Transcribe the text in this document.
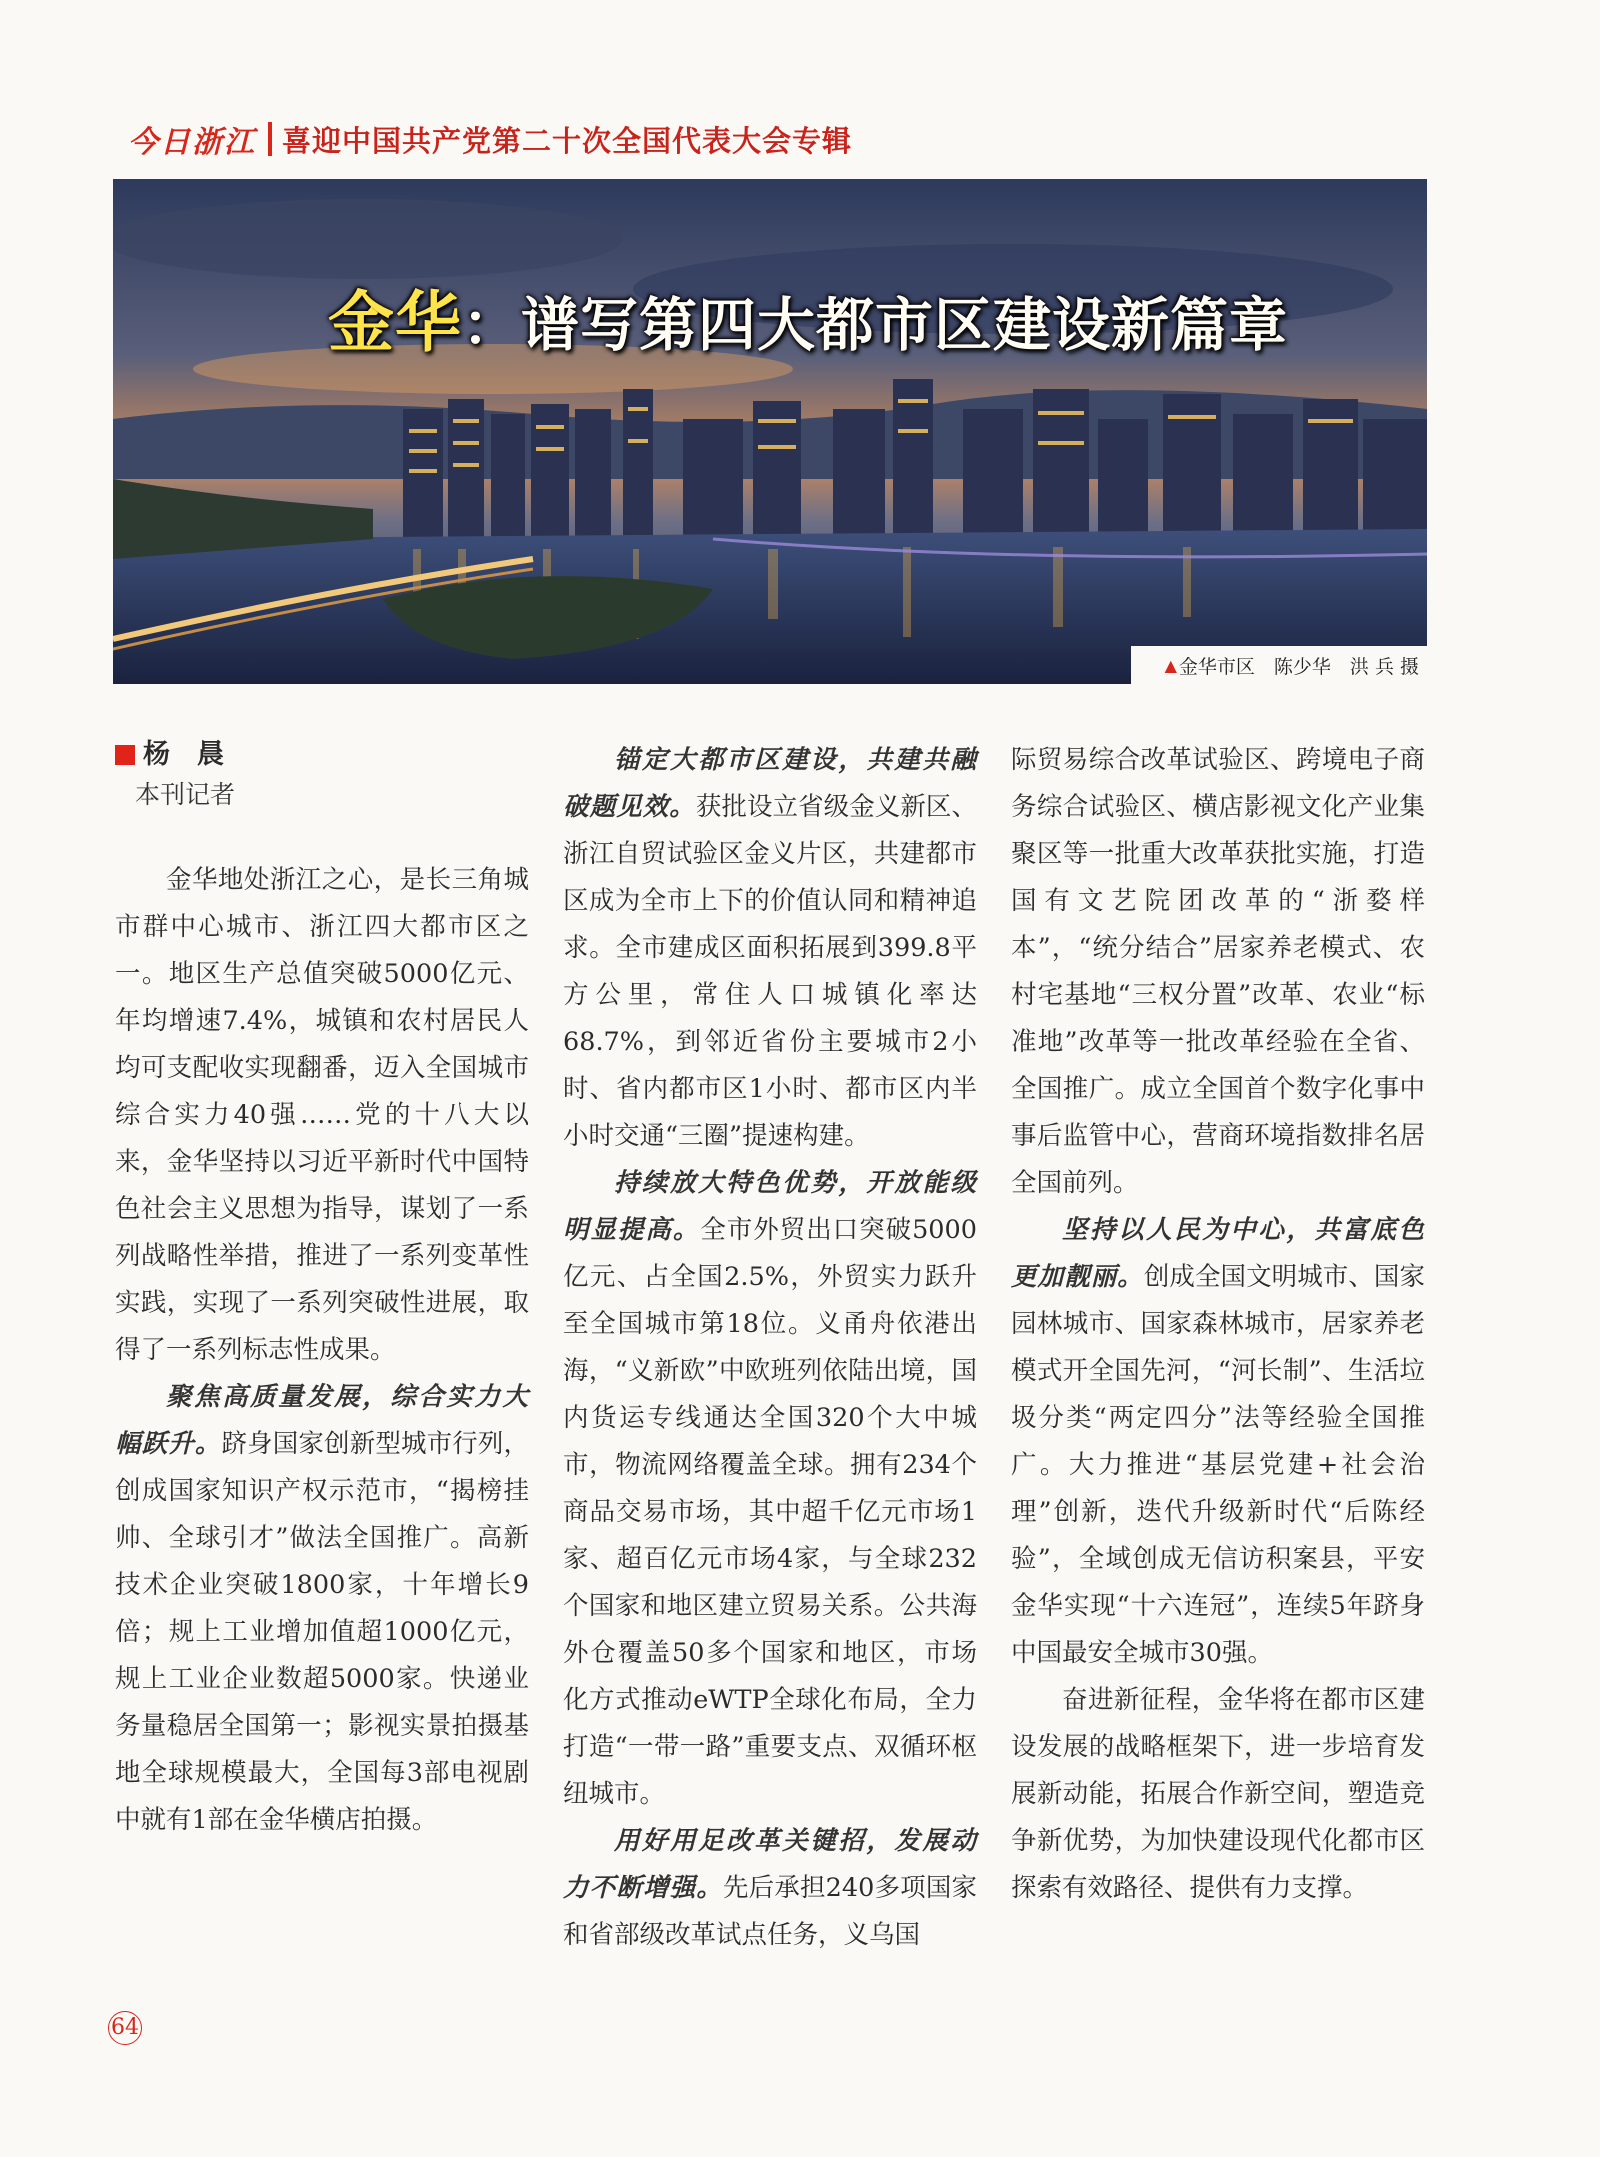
今日浙江 喜迎中国共产党第二十次全国代表大会专辑
金华：谱写第四大都市区建设新篇章
▲ 金华市区　陈少华　洪 兵 摄
杨　晨
本刊记者

金华地处浙江之心，是长三角城市群中心城市、浙江四大都市区之一。地区生产总值突破5000亿元、年均增速7.4%，城镇和农村居民人均可支配收实现翻番，迈入全国城市综合实力40强……党的十八大以来，金华坚持以习近平新时代中国特色社会主义思想为指导，谋划了一系列战略性举措，推进了一系列变革性实践，实现了一系列突破性进展，取得了一系列标志性成果。

聚焦高质量发展，综合实力大幅跃升。跻身国家创新型城市行列，创成国家知识产权示范市，“揭榜挂帅、全球引才”做法全国推广。高新技术企业突破1800家，十年增长9倍；规上工业增加值超1000亿元，规上工业企业数超5000家。快递业务量稳居全国第一；影视实景拍摄基地全球规模最大，全国每3部电视剧中就有1部在金华横店拍摄。

锚定大都市区建设，共建共融破题见效。获批设立省级金义新区、浙江自贸试验区金义片区，共建都市区成为全市上下的价值认同和精神追求。全市建成区面积拓展到399.8平方公里，常住人口城镇化率达68.7%，到邻近省份主要城市2小时、省内都市区1小时、都市区内半小时交通“三圈”提速构建。

持续放大特色优势，开放能级明显提高。全市外贸出口突破5000亿元、占全国2.5%，外贸实力跃升至全国城市第18位。义甬舟依港出海，“义新欧”中欧班列依陆出境，国内货运专线通达全国320个大中城市，物流网络覆盖全球。拥有234个商品交易市场，其中超千亿元市场1家、超百亿元市场4家，与全球232个国家和地区建立贸易关系。公共海外仓覆盖50多个国家和地区，市场化方式推动eWTP全球化布局，全力打造“一带一路”重要支点、双循环枢纽城市。

用好用足改革关键招，发展动力不断增强。先后承担240多项国家和省部级改革试点任务，义乌国

际贸易综合改革试验区、跨境电子商务综合试验区、横店影视文化产业集聚区等一批重大改革获批实施，打造国有文艺院团改革的“浙婺样本”，“统分结合”居家养老模式、农村宅基地“三权分置”改革、农业“标准地”改革等一批改革经验在全省、全国推广。成立全国首个数字化事中事后监管中心，营商环境指数排名居全国前列。

坚持以人民为中心，共富底色更加靓丽。创成全国文明城市、国家园林城市、国家森林城市，居家养老模式开全国先河，“河长制”、生活垃圾分类“两定四分”法等经验全国推广。大力推进“基层党建+社会治理”创新，迭代升级新时代“后陈经验”，全域创成无信访积案县，平安金华实现“十六连冠”，连续5年跻身中国最安全城市30强。

奋进新征程，金华将在都市区建设发展的战略框架下，进一步培育发展新动能，拓展合作新空间，塑造竞争新优势，为加快建设现代化都市区探索有效路径、提供有力支撑。

64
